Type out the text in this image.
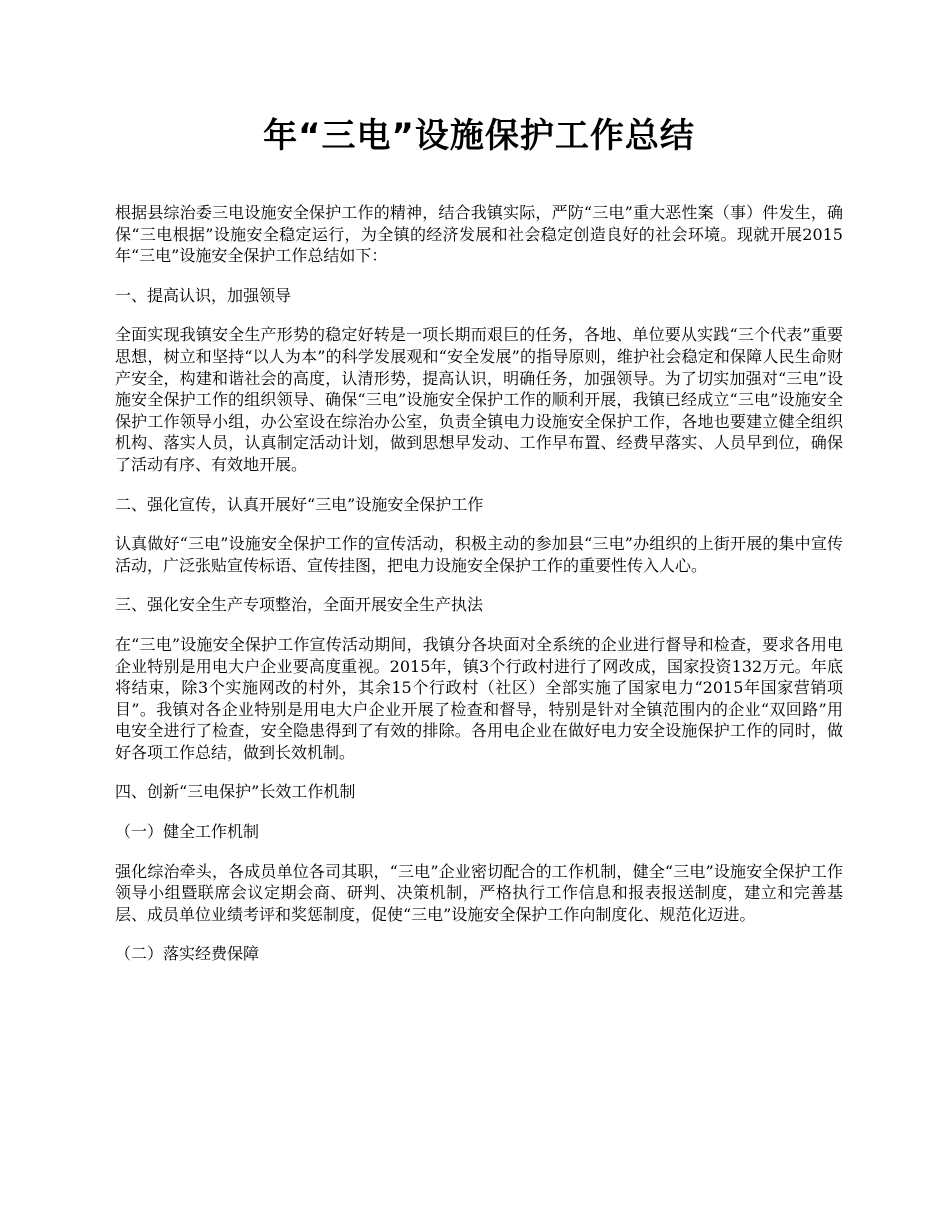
年“三电”设施保护工作总结

根据县综治委三电设施安全保护工作的精神，结合我镇实际，严防“三电”重大恶性案（事）件发生，确保“三电根据”设施安全稳定运行，为全镇的经济发展和社会稳定创造良好的社会环境。现就开展2015年“三电”设施安全保护工作总结如下：

一、提高认识，加强领导

全面实现我镇安全生产形势的稳定好转是一项长期而艰巨的任务，各地、单位要从实践“三个代表”重要思想，树立和坚持“以人为本”的科学发展观和“安全发展”的指导原则，维护社会稳定和保障人民生命财产安全，构建和谐社会的高度，认清形势，提高认识，明确任务，加强领导。为了切实加强对“三电”设施安全保护工作的组织领导、确保“三电”设施安全保护工作的顺利开展，我镇已经成立“三电”设施安全保护工作领导小组，办公室设在综治办公室，负责全镇电力设施安全保护工作，各地也要建立健全组织机构、落实人员，认真制定活动计划，做到思想早发动、工作早布置、经费早落实、人员早到位，确保了活动有序、有效地开展。

二、强化宣传，认真开展好“三电”设施安全保护工作

认真做好“三电”设施安全保护工作的宣传活动，积极主动的参加县“三电”办组织的上街开展的集中宣传活动，广泛张贴宣传标语、宣传挂图，把电力设施安全保护工作的重要性传入人心。

三、强化安全生产专项整治，全面开展安全生产执法

在“三电”设施安全保护工作宣传活动期间，我镇分各块面对全系统的企业进行督导和检查，要求各用电企业特别是用电大户企业要高度重视。2015年，镇3个行政村进行了网改成，国家投资132万元。年底将结束，除3个实施网改的村外，其余15个行政村（社区）全部实施了国家电力“2015年国家营销项目”。我镇对各企业特别是用电大户企业开展了检查和督导，特别是针对全镇范围内的企业“双回路”用电安全进行了检查，安全隐患得到了有效的排除。各用电企业在做好电力安全设施保护工作的同时，做好各项工作总结，做到长效机制。

四、创新“三电保护”长效工作机制

（一）健全工作机制

强化综治牵头，各成员单位各司其职，“三电”企业密切配合的工作机制，健全“三电”设施安全保护工作领导小组暨联席会议定期会商、研判、决策机制，严格执行工作信息和报表报送制度，建立和完善基层、成员单位业绩考评和奖惩制度，促使“三电”设施安全保护工作向制度化、规范化迈进。

（二）落实经费保障
